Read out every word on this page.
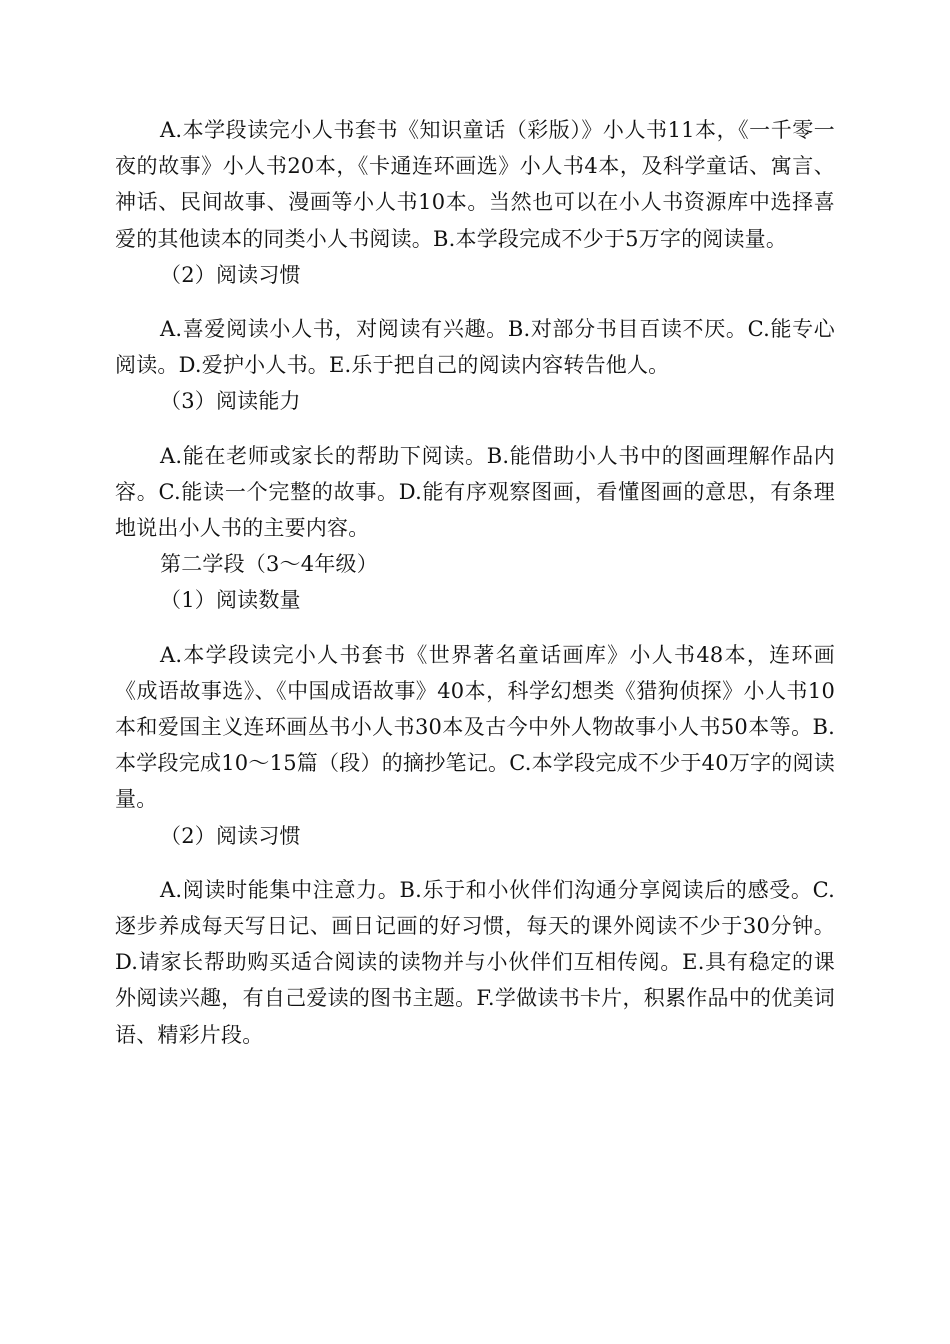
A.本学段读完小人书套书《知识童话（彩版）》小人书11本，《一千零一夜的故事》小人书20本，《卡通连环画选》小人书4本，及科学童话、寓言、神话、民间故事、漫画等小人书10本。当然也可以在小人书资源库中选择喜爱的其他读本的同类小人书阅读。B.本学段完成不少于5万字的阅读量。

（2）阅读习惯

A.喜爱阅读小人书，对阅读有兴趣。B.对部分书目百读不厌。C.能专心阅读。D.爱护小人书。E.乐于把自己的阅读内容转告他人。

（3）阅读能力

A.能在老师或家长的帮助下阅读。B.能借助小人书中的图画理解作品内容。C.能读一个完整的故事。D.能有序观察图画，看懂图画的意思，有条理地说出小人书的主要内容。

第二学段（3～4年级）

（1）阅读数量

A.本学段读完小人书套书《世界著名童话画库》小人书48本，连环画《成语故事选》、《中国成语故事》40本，科学幻想类《猎狗侦探》小人书10本和爱国主义连环画丛书小人书30本及古今中外人物故事小人书50本等。B.本学段完成10～15篇（段）的摘抄笔记。C.本学段完成不少于40万字的阅读量。

（2）阅读习惯

A.阅读时能集中注意力。B.乐于和小伙伴们沟通分享阅读后的感受。C.逐步养成每天写日记、画日记画的好习惯，每天的课外阅读不少于30分钟。D.请家长帮助购买适合阅读的读物并与小伙伴们互相传阅。E.具有稳定的课外阅读兴趣，有自己爱读的图书主题。F.学做读书卡片，积累作品中的优美词语、精彩片段。
